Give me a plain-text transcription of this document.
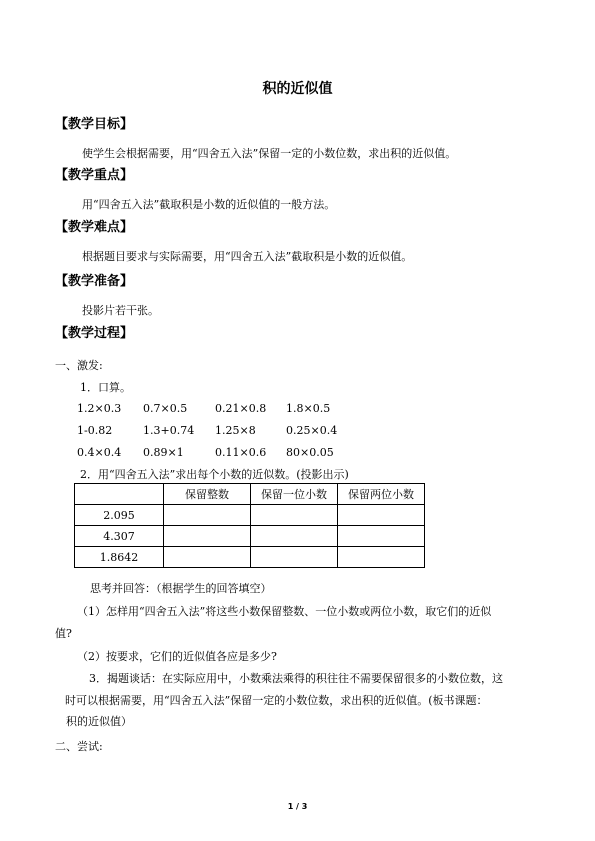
积的近似值
【教学目标】
使学生会根据需要，用“四舍五入法”保留一定的小数位数，求出积的近似值。
【教学重点】
用“四舍五入法”截取积是小数的近似值的一般方法。
【教学难点】
根据题目要求与实际需要，用“四舍五入法”截取积是小数的近似值。
【教学准备】
投影片若干张。
【教学过程】
一、激发:
1．口算。
1.2×0.3 0.7×0.5	0.21×0.8 1.8×0.5
1-0.82	1.3+0.74 1.25×8	0.25×0.4
0.4×0.4 0.89×1	0.11×0.6 80×0.05
2．用“四舍五入法”求出每个小数的近似数。(投影出示)
	保留整数	保留一位小数	保留两位小数
2.095			
4.307			
1.8642			
思考并回答：（根据学生的回答填空）
（1）怎样用“四舍五入法”将这些小数保留整数、一位小数或两位小数，取它们的近似
值?
（2）按要求，它们的近似值各应是多少?
3．揭题谈话：在实际应用中，小数乘法乘得的积往往不需要保留很多的小数位数，这
时可以根据需要，用“四舍五入法”保留一定的小数位数，求出积的近似值。(板书课题：
积的近似值）
二、尝试:
1 / 3
